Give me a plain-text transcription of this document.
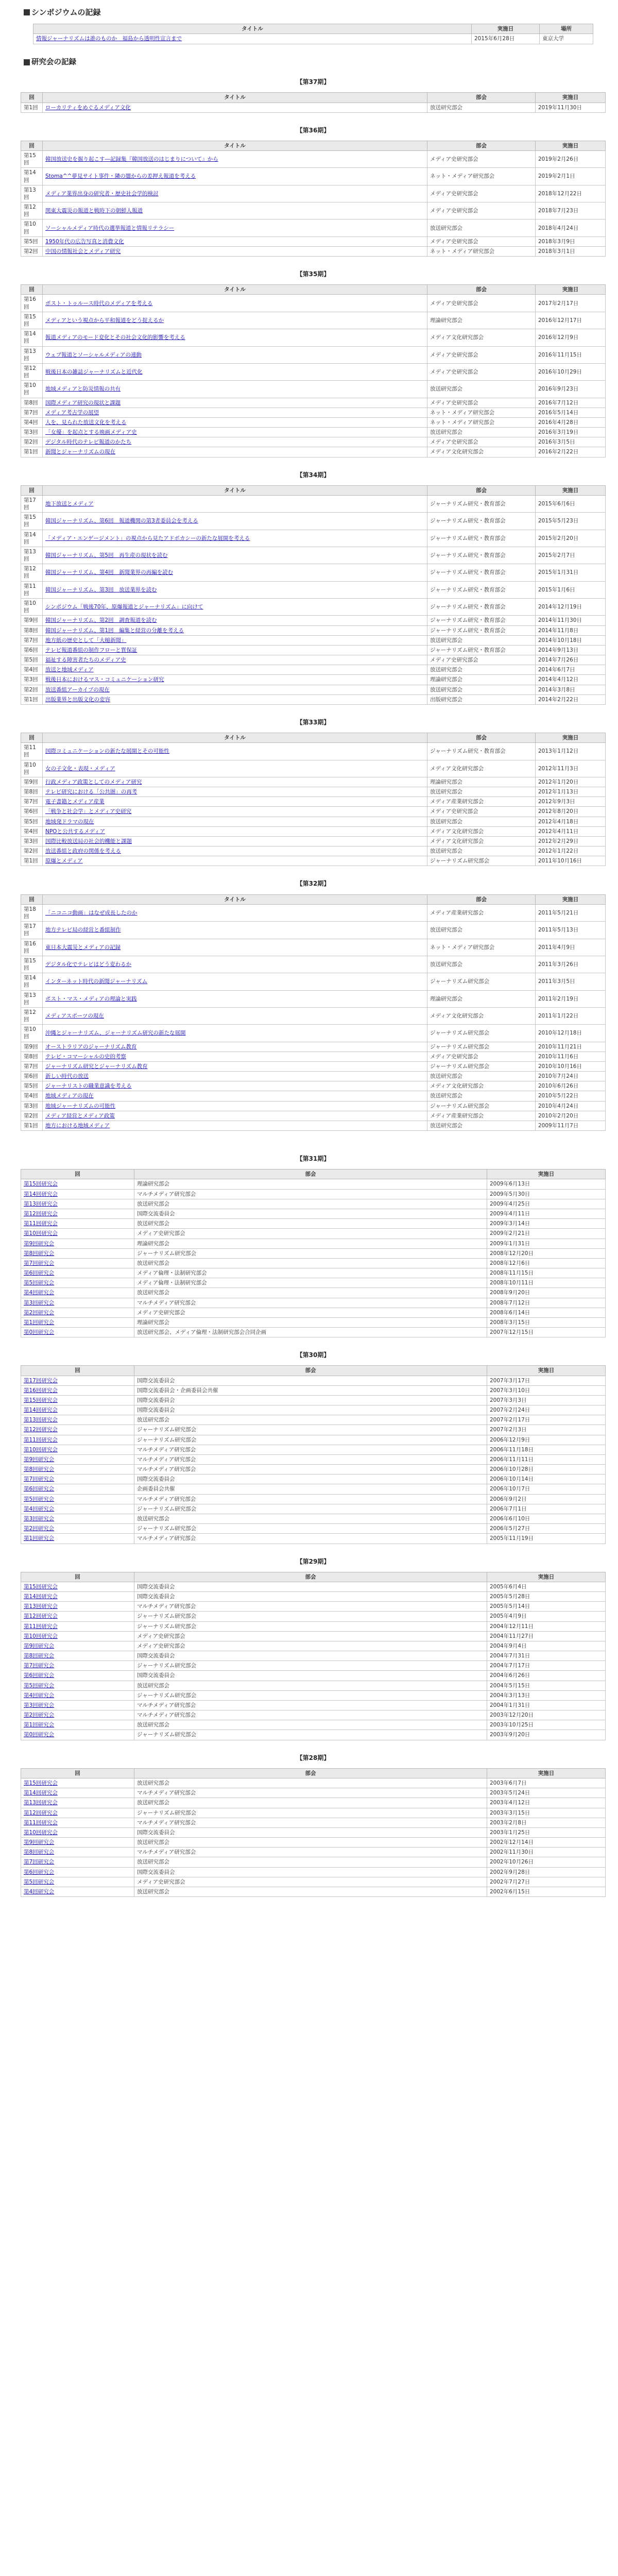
シンポジウムの記録
タイトル	実施日	場所
情報ジャーナリズムは誰のものか　福島から透明性宣言まで	2015年6月28日	東京大学
研究会の記録
【第37期】
回	タイトル	部会	実施日
第1回	ローカリティをめぐるメディア文化	放送研究部会	2019年11月30日
【第36期】
回	タイトル	部会	実施日
第15回	韓国放送史を掘り起こす―記録集『韓国放送のはじまりについて』から	メディア史研究部会	2019年2月26日
第14回	Stoma^^夢見サイト事件・隣の闇からの差押え報道を考える	ネット・メディア研究部会	2019年2月1日
第13回	メディア業界出身の研究者・歴史社会学的検討	メディア史研究部会	2018年12月22日
第12回	関東大震災の報道と戦時下の朝鮮人報道	メディア史研究部会	2018年7月23日
第10回	ソーシャルメディア時代の選挙報道と情報リテラシー	放送研究部会	2018年4月24日
第5回	1950年代の広告写真と消費文化	メディア史研究部会	2018年3月9日
第2回	中国の情報社会とメディア研究	ネット・メディア研究部会	2018年3月1日
【第35期】
回	タイトル	部会	実施日
第16回	ポスト・トゥルース時代のメディアを考える	メディア史研究部会	2017年2月17日
第15回	メディアという視点から平和報道をどう捉えるか	理論研究部会	2016年12月17日
第14回	報道メディアのモード変化とその社会文化的影響を考える	メディア文化研究部会	2016年12月9日
第13回	ウェブ報道とソーシャルメディアの連動	メディア史研究部会	2016年11月15日
第12回	戦後日本の雑誌ジャーナリズムと近代化	メディア史研究部会	2016年10月29日
第10回	地域メディアと防災情報の共有	放送研究部会	2016年9月23日
第8回	国際メディア研究の現状と課題	メディア史研究部会	2016年7月12日
第7回	メディア考古学の展望	ネット・メディア研究部会	2016年5月14日
第4回	人を、見られた放送文化を考える	ネット・メディア研究部会	2016年4月28日
第3回	「女優」を起点とする映画メディア史	放送研究部会	2016年3月19日
第2回	デジタル時代のテレビ報道のかたち	メディア史研究部会	2016年3月5日
第1回	新聞とジャーナリズムの現在	メディア文化研究部会	2016年2月22日
【第34期】
回	タイトル	部会	実施日
第17回	地下放送とメディア	ジャーナリズム研究・教育部会	2015年6月6日
第15回	韓国ジャーナリズム、第6回　報道機関の第3者委員会を考える	ジャーナリズム研究・教育部会	2015年5月23日
第14回	「メディア・エンゲージメント」の視点から見たアドボカシーの新たな展開を考える	ジャーナリズム研究・教育部会	2015年2月20日
第13回	韓国ジャーナリズム、第5回　再生産の現状を読む	ジャーナリズム研究・教育部会	2015年2月7日
第12回	韓国ジャーナリズム、第4回　新聞業界の再編を読む	ジャーナリズム研究・教育部会	2015年1月31日
第11回	韓国ジャーナリズム、第3回　放送業界を読む	ジャーナリズム研究・教育部会	2015年1月6日
第10回	シンポジウム「戦後70年、原爆報道とジャーナリズム」に向けて	ジャーナリズム研究・教育部会	2014年12月19日
第9回	韓国ジャーナリズム、第2回　調査報道を読む	ジャーナリズム研究・教育部会	2014年11月30日
第8回	韓国ジャーナリズム、第1回　編集と経営の分離を考える	ジャーナリズム研究・教育部会	2014年11月8日
第7回	地方紙の歴史として「大槌新聞」	放送研究部会	2014年10月18日
第6回	テレビ報道番組の制作フローと質保証	ジャーナリズム研究・教育部会	2014年9月13日
第5回	福祉する障害者たちのメディア史	メディア史研究部会	2014年7月26日
第4回	放送と地域メディア	放送研究部会	2014年6月7日
第3回	戦後日本におけるマス・コミュニケーション研究	理論研究部会	2014年4月12日
第2回	放送番組アーカイブの現在	放送研究部会	2014年3月8日
第1回	出版業界と出版文化の変容	出版研究部会	2014年2月22日
【第33期】
回	タイトル	部会	実施日
第11回	国際コミュニケーションの新たな展開とその可能性	ジャーナリズム研究・教育部会	2013年1月12日
第10回	女の子文化・表現・メディア	メディア文化研究部会	2012年11月3日
第9回	行政メディア政策としてのメディア研究	理論研究部会	2012年1月20日
第8回	テレビ研究における「公共圏」の再考	放送研究部会	2012年1月13日
第7回	電子書籍とメディア産業	メディア産業研究部会	2012年9月3日
第6回	「戦争と社会学」とメディア史研究	メディア史研究部会	2012年8月20日
第5回	地域発ドラマの現在	放送研究部会	2012年4月18日
第4回	NPOと公共するメディア	メディア文化研究部会	2012年4月11日
第3回	国際比較放送局の社会的機能と課題	メディア文化研究部会	2012年2月29日
第2回	放送番組と政府の関係を考える	放送研究部会	2012年1月22日
第1回	原爆とメディア	ジャーナリズム研究部会	2011年10月16日
【第32期】
回	タイトル	部会	実施日
第18回	「ニコニコ動画」はなぜ成長したのか	メディア産業研究部会	2011年5月21日
第17回	地方テレビ局の経営と番組制作	放送研究部会	2011年5月13日
第16回	東日本大震災とメディアの記録	ネット・メディア研究部会	2011年4月9日
第15回	デジタル化でテレビはどう変わるか	放送研究部会	2011年3月26日
第14回	インターネット時代の新聞ジャーナリズム	ジャーナリズム研究部会	2011年3月5日
第13回	ポスト・マス・メディアの理論と実践	理論研究部会	2011年2月19日
第12回	メディアスポーツの現在	メディア文化研究部会	2011年1月22日
第10回	沖縄とジャーナリズム、ジャーナリズム研究の新たな展開	ジャーナリズム研究部会	2010年12月18日
第9回	オーストラリアのジャーナリズム教育	ジャーナリズム研究部会	2010年11月21日
第8回	テレビ・コマーシャルの史的考察	メディア史研究部会	2010年11月6日
第7回	ジャーナリズム研究とジャーナリズム教育	ジャーナリズム研究部会	2010年10月16日
第6回	新しい時代の放送	放送研究部会	2010年7月24日
第5回	ジャーナリストの職業意識を考える	メディア文化研究部会	2010年6月26日
第4回	地域メディアの現在	放送研究部会	2010年5月22日
第3回	地域ジャーナリズムの可能性	ジャーナリズム研究部会	2010年4月24日
第2回	メディア経営とメディア政策	メディア産業研究部会	2010年2月20日
第1回	地方における地域メディア	放送研究部会	2009年11月7日
【第31期】
回	部会	実施日
第15回研究会	理論研究部会	2009年6月13日
第14回研究会	マルチメディア研究部会	2009年5月30日
第13回研究会	放送研究部会	2009年4月25日
第12回研究会	国際交流委員会	2009年4月11日
第11回研究会	放送研究部会	2009年3月14日
第10回研究会	メディア史研究部会	2009年2月21日
第9回研究会	理論研究部会	2009年1月31日
第8回研究会	ジャーナリズム研究部会	2008年12月20日
第7回研究会	放送研究部会	2008年12月6日
第6回研究会	メディア倫理・法制研究部会	2008年11月15日
第5回研究会	メディア倫理・法制研究部会	2008年10月11日
第4回研究会	放送研究部会	2008年9月20日
第3回研究会	マルチメディア研究部会	2008年7月12日
第2回研究会	メディア史研究部会	2008年6月14日
第1回研究会	理論研究部会	2008年3月15日
第0回研究会	放送研究部会、メディア倫理・法制研究部会合同企画	2007年12月15日
【第30期】
回	部会	実施日
第17回研究会	国際交流委員会	2007年3月17日
第16回研究会	国際交流委員会・企画委員会共催	2007年3月10日
第15回研究会	国際交流委員会	2007年3月3日
第14回研究会	国際交流委員会	2007年2月24日
第13回研究会	放送研究部会	2007年2月17日
第12回研究会	ジャーナリズム研究部会	2007年2月3日
第11回研究会	ジャーナリズム研究部会	2006年12月9日
第10回研究会	マルチメディア研究部会	2006年11月18日
第9回研究会	マルチメディア研究部会	2006年11月11日
第8回研究会	マルチメディア研究部会	2006年10月28日
第7回研究会	国際交流委員会	2006年10月14日
第6回研究会	企画委員会共催	2006年10月7日
第5回研究会	マルチメディア研究部会	2006年9月2日
第4回研究会	ジャーナリズム研究部会	2006年7月1日
第3回研究会	放送研究部会	2006年6月10日
第2回研究会	ジャーナリズム研究部会	2006年5月27日
第1回研究会	マルチメディア研究部会	2005年11月19日
【第29期】
回	部会	実施日
第15回研究会	国際交流委員会	2005年6月4日
第14回研究会	国際交流委員会	2005年5月28日
第13回研究会	マルチメディア研究部会	2005年5月14日
第12回研究会	ジャーナリズム研究部会	2005年4月9日
第11回研究会	ジャーナリズム研究部会	2004年12月11日
第10回研究会	メディア史研究部会	2004年11月27日
第9回研究会	メディア史研究部会	2004年9月4日
第8回研究会	国際交流委員会	2004年7月31日
第7回研究会	ジャーナリズム研究部会	2004年7月17日
第6回研究会	国際交流委員会	2004年6月26日
第5回研究会	放送研究部会	2004年5月15日
第4回研究会	ジャーナリズム研究部会	2004年3月13日
第3回研究会	マルチメディア研究部会	2004年1月31日
第2回研究会	マルチメディア研究部会	2003年12月20日
第1回研究会	放送研究部会	2003年10月25日
第0回研究会	ジャーナリズム研究部会	2003年9月20日
【第28期】
回	部会	実施日
第15回研究会	放送研究部会	2003年6月7日
第14回研究会	マルチメディア研究部会	2003年5月24日
第13回研究会	放送研究部会	2003年4月12日
第12回研究会	ジャーナリズム研究部会	2003年3月15日
第11回研究会	マルチメディア研究部会	2003年2月8日
第10回研究会	国際交流委員会	2003年1月25日
第9回研究会	放送研究部会	2002年12月14日
第8回研究会	マルチメディア研究部会	2002年11月30日
第7回研究会	放送研究部会	2002年10月26日
第6回研究会	国際交流委員会	2002年9月28日
第5回研究会	メディア史研究部会	2002年7月27日
第4回研究会	放送研究部会	2002年6月15日
